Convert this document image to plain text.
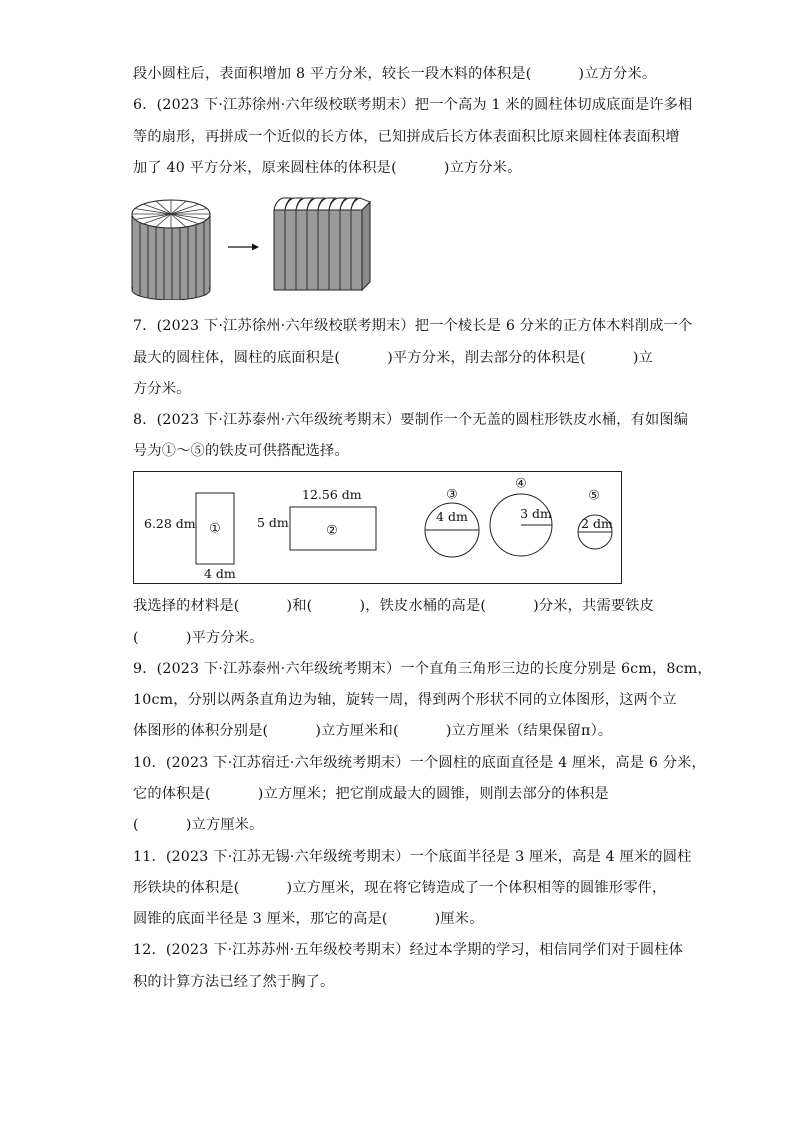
段小圆柱后，表面积增加 8 平方分米，较长一段木料的体积是(          )立方分米。
6．(2023 下·江苏徐州·六年级校联考期末）把一个高为 1 米的圆柱体切成底面是许多相
等的扇形，再拼成一个近似的长方体，已知拼成后长方体表面积比原来圆柱体表面积增
加了 40 平方分米，原来圆柱体的体积是(          )立方分米。
7．(2023 下·江苏徐州·六年级校联考期末）把一个棱长是 6 分米的正方体木料削成一个
最大的圆柱体，圆柱的底面积是(          )平方分米，削去部分的体积是(          )立
方分米。
8．(2023 下·江苏泰州·六年级统考期末）要制作一个无盖的圆柱形铁皮水桶，有如图编
号为①～⑤的铁皮可供搭配选择。
①
6.28 dm
4 dm
②
12.56 dm
5 dm
③
4 dm
④
3 dm
⑤
2 dm
我选择的材料是(          )和(          )，铁皮水桶的高是(          )分米，共需要铁皮
(          )平方分米。
9．(2023 下·江苏泰州·六年级统考期末）一个直角三角形三边的长度分别是 6cm，8cm，
10cm，分别以两条直角边为轴，旋转一周，得到两个形状不同的立体图形，这两个立
体图形的体积分别是(          )立方厘米和(          )立方厘米（结果保留π）。
10．(2023 下·江苏宿迁·六年级统考期末）一个圆柱的底面直径是 4 厘米，高是 6 分米，
它的体积是(          )立方厘米；把它削成最大的圆锥，则削去部分的体积是
(          )立方厘米。
11．(2023 下·江苏无锡·六年级统考期末）一个底面半径是 3 厘米，高是 4 厘米的圆柱
形铁块的体积是(          )立方厘米，现在将它铸造成了一个体积相等的圆锥形零件，
圆锥的底面半径是 3 厘米，那它的高是(          )厘米。
12．(2023 下·江苏苏州·五年级校考期末）经过本学期的学习，相信同学们对于圆柱体
积的计算方法已经了然于胸了。
